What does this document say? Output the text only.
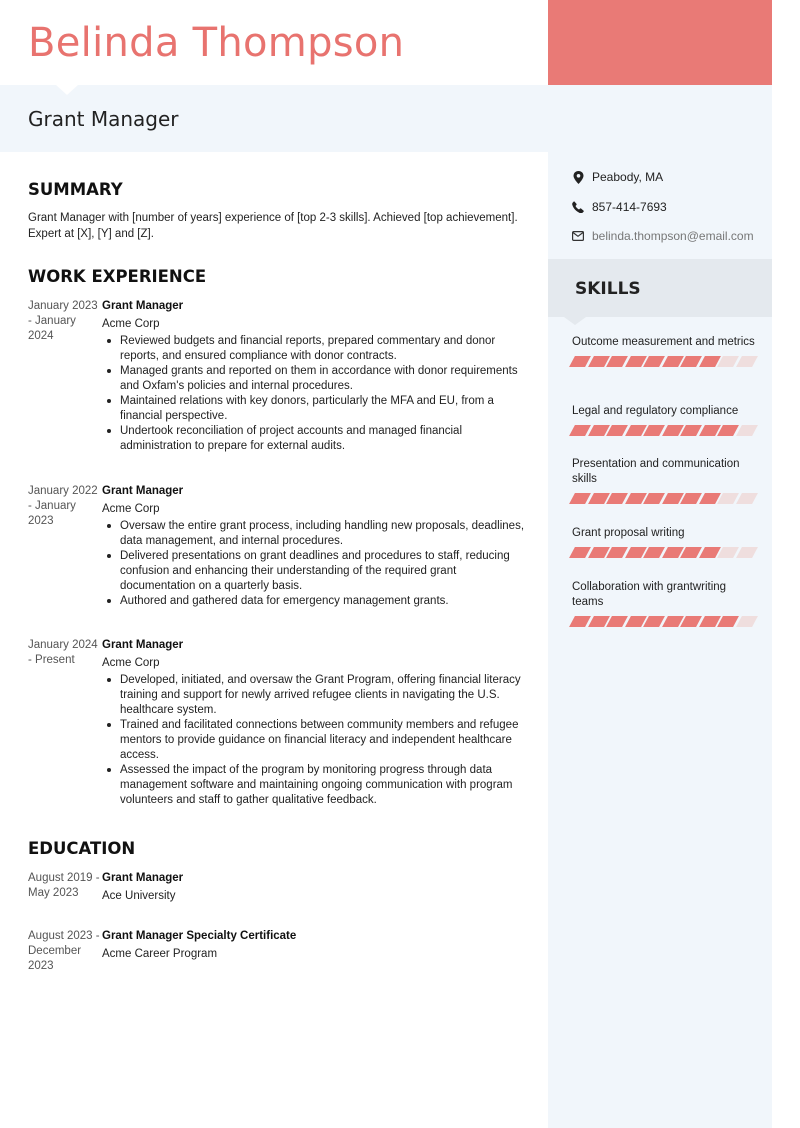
Belinda Thompson
Grant Manager
Peabody, MA
857-414-7693
belinda.thompson@email.com
SKILLS
Outcome measurement and metrics
Legal and regulatory compliance
Presentation and communication skills
Grant proposal writing
Collaboration with grantwriting teams
SUMMARY
Grant Manager with [number of years] experience of [top 2-3 skills]. Achieved [top achievement]. Expert at [X], [Y] and [Z].
WORK EXPERIENCE
January 2023 - January 2024
Grant Manager
Acme Corp
Reviewed budgets and financial reports, prepared commentary and donor reports, and ensured compliance with donor contracts.
Managed grants and reported on them in accordance with donor requirements and Oxfam's policies and internal procedures.
Maintained relations with key donors, particularly the MFA and EU, from a financial perspective.
Undertook reconciliation of project accounts and managed financial administration to prepare for external audits.
January 2022 - January 2023
Grant Manager
Acme Corp
Oversaw the entire grant process, including handling new proposals, deadlines, data management, and internal procedures.
Delivered presentations on grant deadlines and procedures to staff, reducing confusion and enhancing their understanding of the required grant documentation on a quarterly basis.
Authored and gathered data for emergency management grants.
January 2024 - Present
Grant Manager
Acme Corp
Developed, initiated, and oversaw the Grant Program, offering financial literacy training and support for newly arrived refugee clients in navigating the U.S. healthcare system.
Trained and facilitated connections between community members and refugee mentors to provide guidance on financial literacy and independent healthcare access.
Assessed the impact of the program by monitoring progress through data management software and maintaining ongoing communication with program volunteers and staff to gather qualitative feedback.
EDUCATION
August 2019 - May 2023
Grant Manager
Ace University
August 2023 - December 2023
Grant Manager Specialty Certificate
Acme Career Program
